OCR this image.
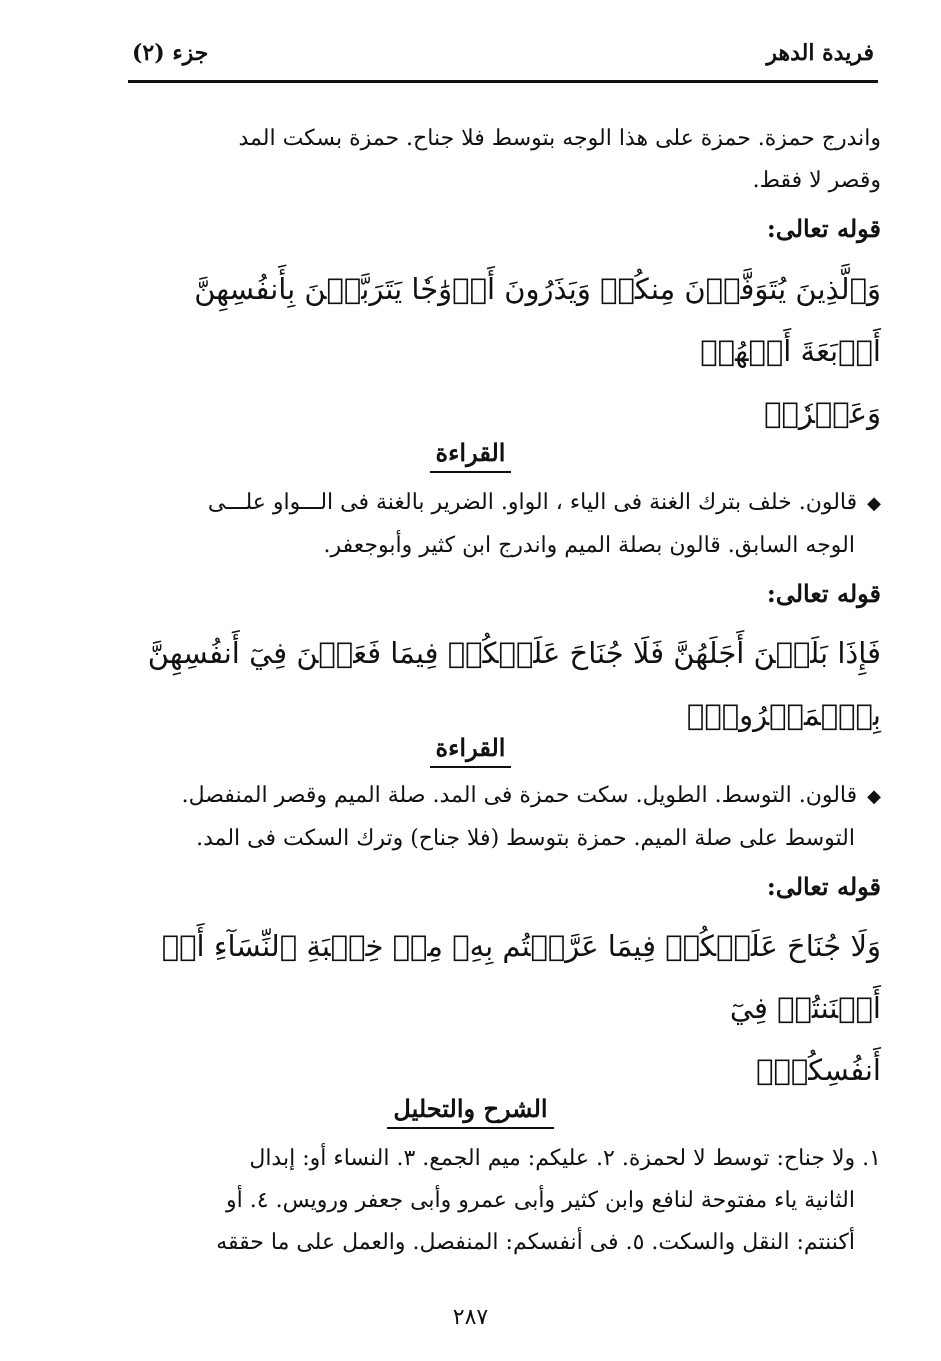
فريدة الدهر
جزء (٢)

واندرج حمزة. حمزة على هذا الوجه بتوسط فلا جناح. حمزة بسكت المد

وقصر لا فقط.

قوله تعالى:

وَٱلَّذِينَ يُتَوَفَّوۡنَ مِنكُمۡ وَيَذَرُونَ أَزۡوَٰجٗا يَتَرَبَّصۡنَ بِأَنفُسِهِنَّ أَرۡبَعَةَ أَشۡهُرٖ

وَعَشۡرٗاۖ

القراءة

◆قالون. خلف بترك الغنة فى الياء ، الواو. الضرير بالغنة فى الـــواو علـــى

الوجه السابق. قالون بصلة الميم واندرج ابن كثير وأبوجعفر.

قوله تعالى:

فَإِذَا بَلَغۡنَ أَجَلَهُنَّ فَلَا جُنَاحَ عَلَيۡكُمۡ فِيمَا فَعَلۡنَ فِيٓ أَنفُسِهِنَّ بِٱلۡمَعۡرُوفِۗ

القراءة

◆قالون. التوسط. الطويل. سكت حمزة فى المد. صلة الميم وقصر المنفصل.

التوسط على صلة الميم. حمزة بتوسط (فلا جناح) وترك السكت فى المد.

قوله تعالى:

وَلَا جُنَاحَ عَلَيۡكُمۡ فِيمَا عَرَّضۡتُم بِهِۦ مِنۡ خِطۡبَةِ ٱلنِّسَآءِ أَوۡ أَكۡنَنتُمۡ فِيٓ

أَنفُسِكُمۡۚ

الشرح والتحليل

١. ولا جناح: توسط لا لحمزة. ٢. عليكم: ميم الجمع. ٣. النساء أو: إبدال

الثانية ياء مفتوحة لنافع وابن كثير وأبى عمرو وأبى جعفر ورويس. ٤. أو

أكننتم: النقل والسكت. ٥. فى أنفسكم: المنفصل. والعمل على ما حققه

٢٨٧
